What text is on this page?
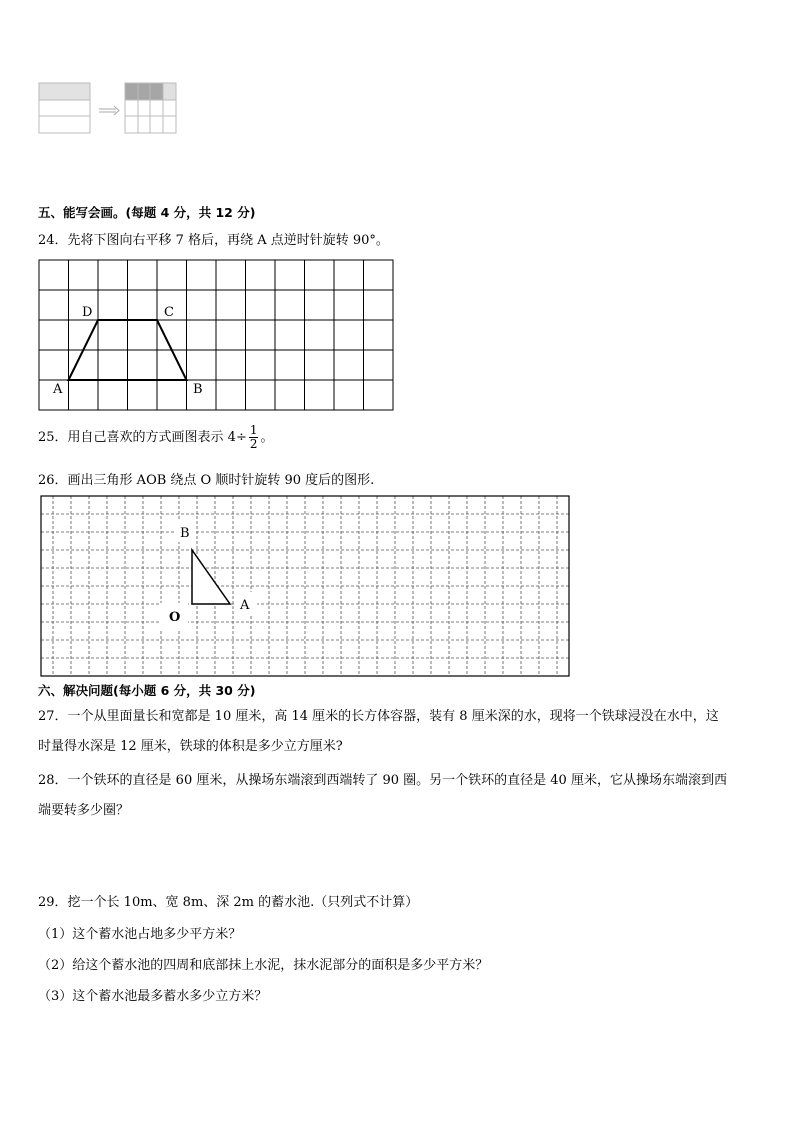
五、能写会画。(每题 4 分，共 12 分)
24．先将下图向右平移 7 格后，再绕 A 点逆时针旋转 90°。
A	B
D	C
25．用自己喜欢的方式画图表示 $4\div \frac{1}{2}$ 。
26．画出三角形 AOB 绕点 O 顺时针旋转 90 度后的图形.
B
A
O
六、解决问题(每小题 6 分，共 30 分)
27．一个从里面量长和宽都是 10 厘米，高 14 厘米的长方体容器，装有 8 厘米深的水，现将一个铁球浸没在水中，这
时量得水深是 12 厘米，铁球的体积是多少立方厘米?
28．一个铁环的直径是 60 厘米，从操场东端滚到西端转了 90 圈。另一个铁环的直径是 40 厘米，它从操场东端滚到西
端要转多少圈？
29．挖一个长 10m、宽 8m、深 2m 的蓄水池.（只列式不计算）
（1）这个蓄水池占地多少平方米？
（2）给这个蓄水池的四周和底部抹上水泥，抹水泥部分的面积是多少平方米？
（3）这个蓄水池最多蓄水多少立方米？
